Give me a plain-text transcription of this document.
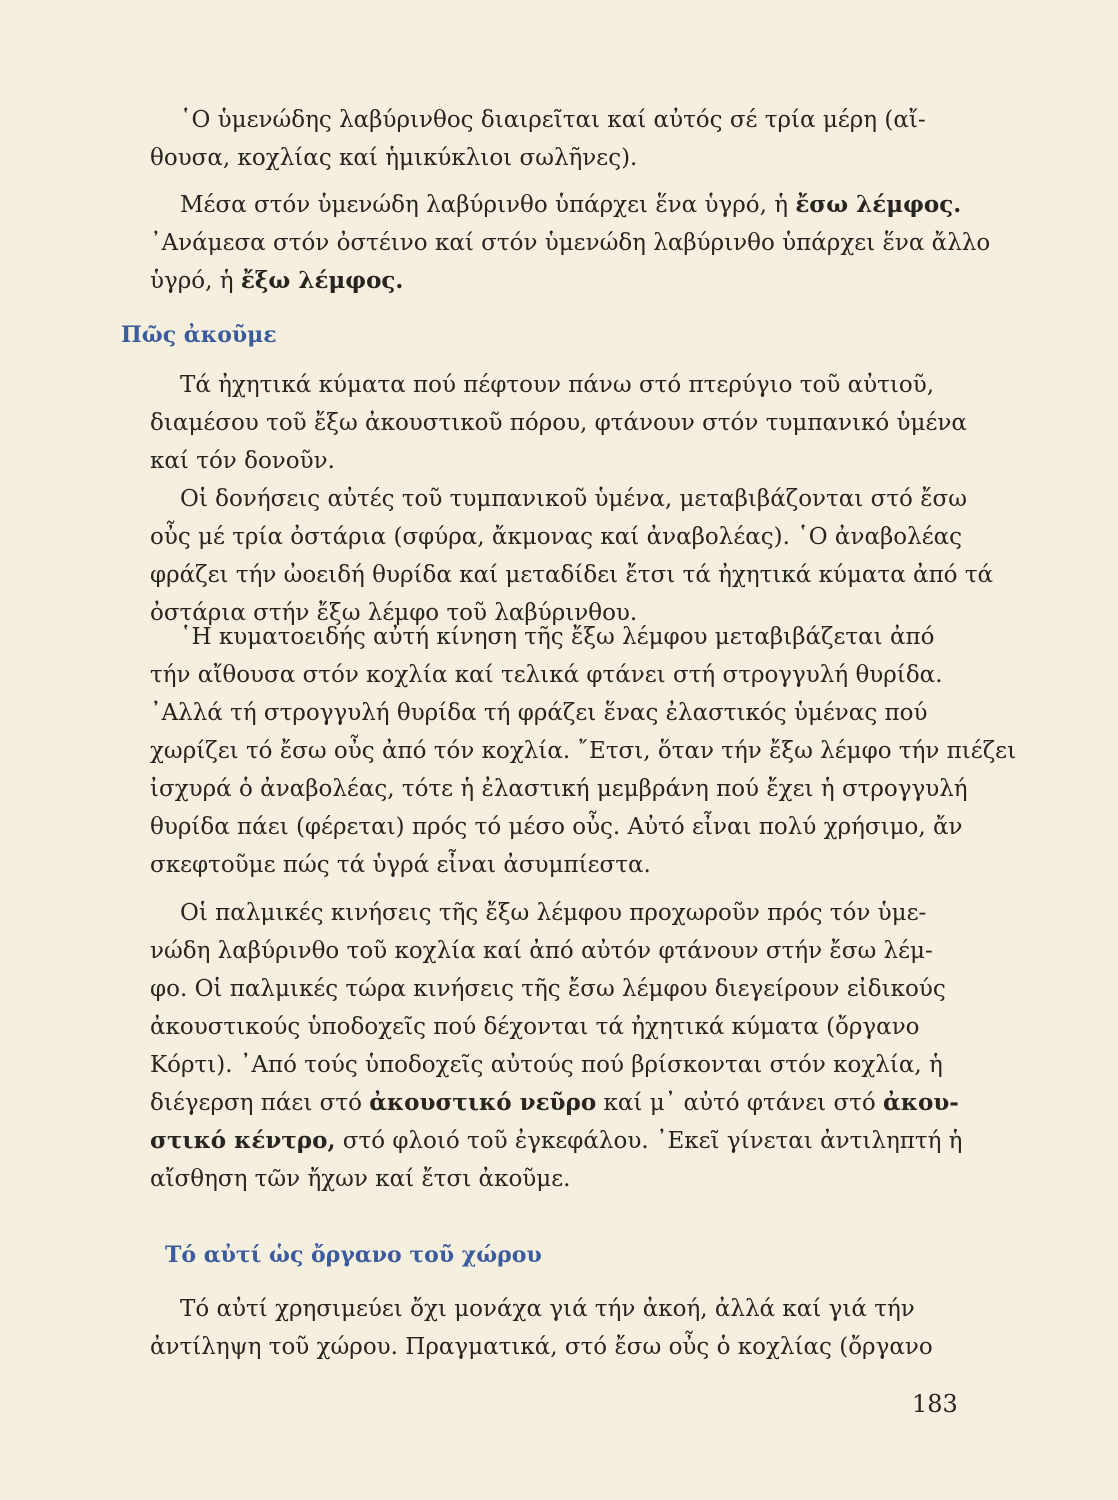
῾Ο ὑμενώδης λαβύρινθος διαιρεῖται καί αὐτός σέ τρία μέρη (αἴ-
θουσα, κοχλίας καί ἡμικύκλιοι σωλῆνες).
Μέσα στόν ὑμενώδη λαβύρινθο ὑπάρχει ἕνα ὑγρό, ἡ ἔσω λέμφος.
᾿Ανάμεσα στόν ὀστέινο καί στόν ὑμενώδη λαβύρινθο ὑπάρχει ἕνα ἄλλο
ὑγρό, ἡ ἔξω λέμφος.
Πῶς ἀκοῦμε
Τά ἠχητικά κύματα πού πέφτουν πάνω στό πτερύγιο τοῦ αὐτιοῦ,
διαμέσου τοῦ ἔξω ἀκουστικοῦ πόρου, φτάνουν στόν τυμπανικό ὑμένα
καί τόν δονοῦν.
Οἱ δονήσεις αὐτές τοῦ τυμπανικοῦ ὑμένα, μεταβιβάζονται στό ἔσω
οὖς μέ τρία ὀστάρια (σφύρα, ἄκμονας καί ἀναβολέας). ῾Ο ἀναβολέας
φράζει τήν ὠοειδή θυρίδα καί μεταδίδει ἔτσι τά ἠχητικά κύματα ἀπό τά
ὀστάρια στήν ἔξω λέμφο τοῦ λαβύρινθου.
῾Η κυματοειδής αὐτή κίνηση τῆς ἔξω λέμφου μεταβιβάζεται ἀπό
τήν αἴθουσα στόν κοχλία καί τελικά φτάνει στή στρογγυλή θυρίδα.
᾿Αλλά τή στρογγυλή θυρίδα τή φράζει ἕνας ἐλαστικός ὑμένας πού
χωρίζει τό ἔσω οὖς ἀπό τόν κοχλία. ῎Ετσι, ὅταν τήν ἔξω λέμφο τήν πιέζει
ἰσχυρά ὁ ἀναβολέας, τότε ἡ ἐλαστική μεμβράνη πού ἔχει ἡ στρογγυλή
θυρίδα πάει (φέρεται) πρός τό μέσο οὖς. Αὐτό εἶναι πολύ χρήσιμο, ἄν
σκεφτοῦμε πώς τά ὑγρά εἶναι ἀσυμπίεστα.
Οἱ παλμικές κινήσεις τῆς ἔξω λέμφου προχωροῦν πρός τόν ὑμε-
νώδη λαβύρινθο τοῦ κοχλία καί ἀπό αὐτόν φτάνουν στήν ἔσω λέμ-
φο. Οἱ παλμικές τώρα κινήσεις τῆς ἔσω λέμφου διεγείρουν εἰδικούς
ἀκουστικούς ὑποδοχεῖς πού δέχονται τά ἠχητικά κύματα (ὄργανο
Κόρτι). ᾿Από τούς ὑποδοχεῖς αὐτούς πού βρίσκονται στόν κοχλία, ἡ
διέγερση πάει στό ἀκουστικό νεῦρο καί μ᾿ αὐτό φτάνει στό ἀκου-
στικό κέντρο, στό φλοιό τοῦ ἐγκεφάλου. ᾿Εκεῖ γίνεται ἀντιληπτή ἡ
αἴσθηση τῶν ἤχων καί ἔτσι ἀκοῦμε.
Τό αὐτί ὡς ὄργανο τοῦ χώρου
Τό αὐτί χρησιμεύει ὄχι μονάχα γιά τήν ἀκοή, ἀλλά καί γιά τήν
ἀντίληψη τοῦ χώρου. Πραγματικά, στό ἔσω οὖς ὁ κοχλίας (ὄργανο
183
